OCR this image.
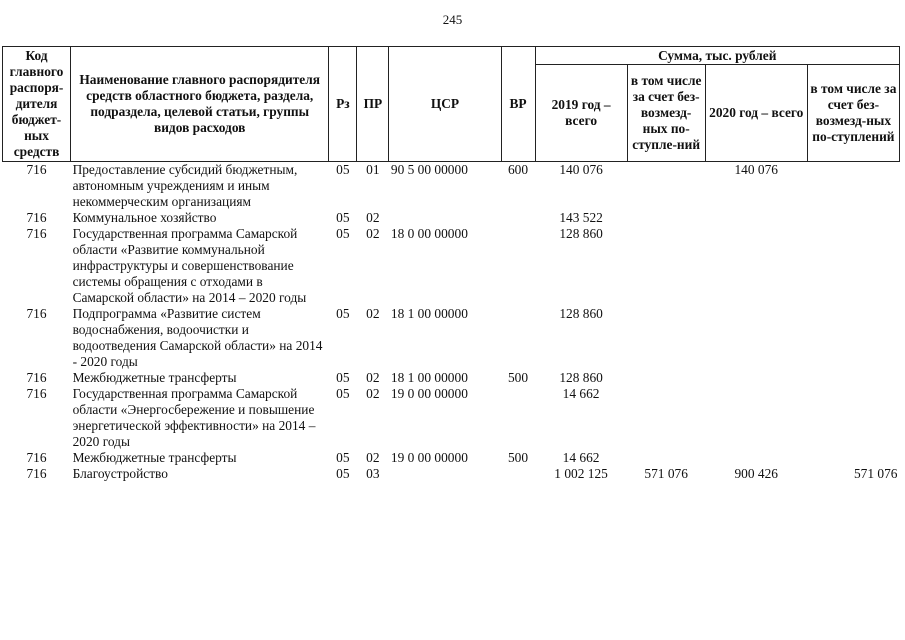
245
Код главного распоря-дителя бюджет-ных средств	Наименование главного распорядителя средств областного бюджета, раздела, подраздела, целевой статьи, группы видов расходов	Рз	ПР	ЦСР	ВР	Сумма, тыс. рублей			
						2019 год – всего	в том числе за счет без-возмезд-ных по-ступле-ний	2020 год – всего	в том числе за счет без-возмезд-ных по-ступлений
716	Предоставление субсидий бюджетным, автономным учреждениям и иным некоммерческим организациям	05	01	90 5 00 00000	600	140 076		140 076	
716	Коммунальное хозяйство	05	02			143 522			
716	Государственная программа Самарской области «Развитие коммунальной инфраструктуры и совершенствование системы обращения с отходами в Самарской области» на 2014 – 2020 годы	05	02	18 0 00 00000		128 860			
716	Подпрограмма «Развитие систем водоснабжения, водоочистки и водоотведения Самарской области» на 2014 - 2020 годы	05	02	18 1 00 00000		128 860			
716	Межбюджетные трансферты	05	02	18 1 00 00000	500	128 860			
716	Государственная программа Самарской области «Энергосбережение и повышение энергетической эффективности» на 2014 – 2020 годы	05	02	19 0 00 00000		14 662			
716	Межбюджетные трансферты	05	02	19 0 00 00000	500	14 662			
716	Благоустройство	05	03			1 002 125	571 076	900 426	571 076
